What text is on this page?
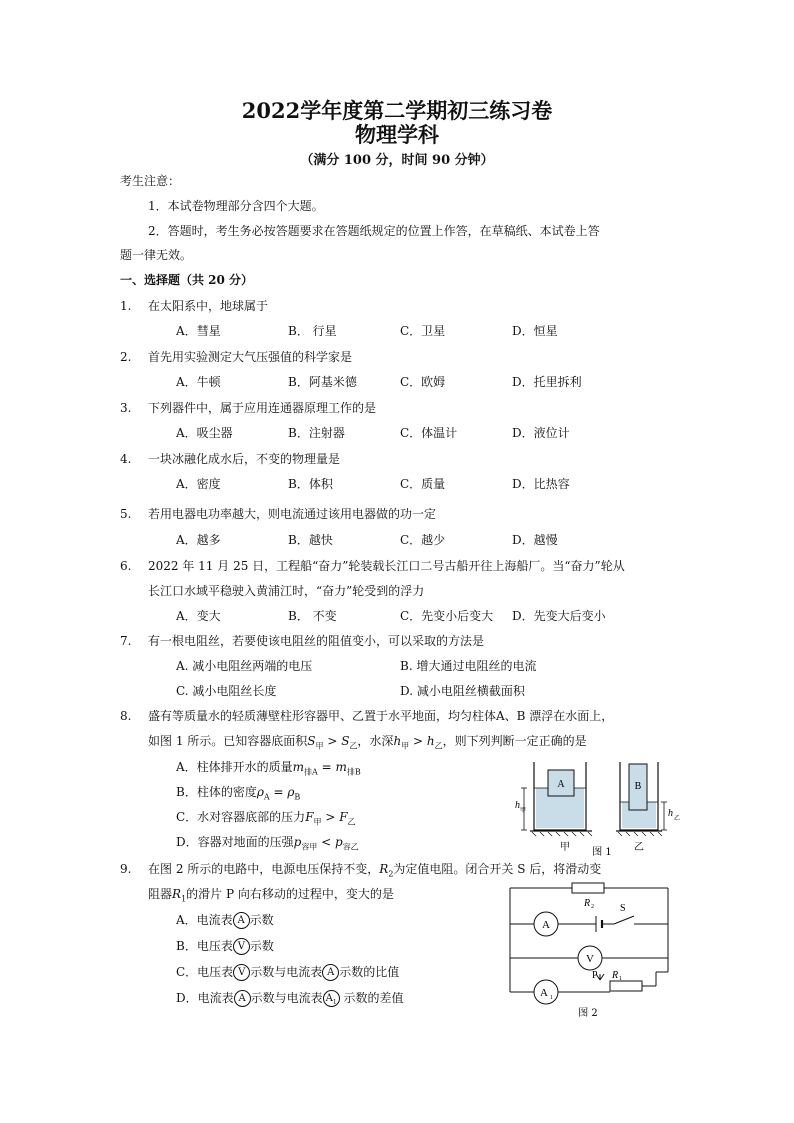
2022学年度第二学期初三练习卷
物理学科
（满分 100 分，时间 90 分钟）
考生注意：
1．本试卷物理部分含四个大题。
2．答题时，考生务必按答题要求在答题纸规定的位置上作答，在草稿纸、本试卷上答
题一律无效。
一、选择题（共 20 分）
1. 在太阳系中，地球属于
A．彗星	B． 行星	C．卫星	D．恒星
2. 首先用实验测定大气压强值的科学家是
A．牛顿	B．阿基米德	C．欧姆	D．托里拆利
3. 下列器件中，属于应用连通器原理工作的是
A．吸尘器	B．注射器	C．体温计	D．液位计
4. 一块冰融化成水后，不变的物理量是
A．密度	B．体积	C．质量	D．比热容
5. 若用电器电功率越大，则电流通过该用电器做的功一定
A．越多	B．越快	C．越少	D．越慢
6. 2022 年 11 月 25 日，工程船“奋力”轮装载长江口二号古船开往上海船厂。当“奋力”轮从
长江口水域平稳驶入黄浦江时，“奋力”轮受到的浮力
A．变大	B． 不变	C．先变小后变大 D．先变大后变小
7. 有一根电阻丝，若要使该电阻丝的阻值变小，可以采取的方法是
A. 减小电阻丝两端的电压	B. 增大通过电阻丝的电流
C. 减小电阻丝长度	D. 减小电阻丝横截面积
8. 盛有等质量水的轻质薄壁柱形容器甲、乙置于水平地面，均匀柱体A、B 漂浮在水面上，
如图 1 所示。已知容器底面积$S_甲 > S_乙$，水深$h_甲 > h_乙$，则下列判断一定正确的是
A．柱体排开水的质量$m_{排A} = m_{排B}$
B．柱体的密度$\rho_A = \rho_B$
C．水对容器底部的压力$F_甲 > F_乙$
D．容器对地面的压强$p_{容甲} < p_{容乙}$
A
h 甲
B
h 乙
甲	乙
图 1
9. 在图 2 所示的电路中，电源电压保持不变，$R_2$为定值电阻。闭合开关 S 后，将滑动变
阻器$R_1$的滑片 P 向右移动的过程中，变大的是
A．电流表 A 示数
B．电压表 V 示数
C．电压表 V 示数与电流表 A 示数的比值
D．电流表 A 示数与电流表 $A_1$ 示数的差值
R 2	S
A
V
A 1
P R 1
图 2
